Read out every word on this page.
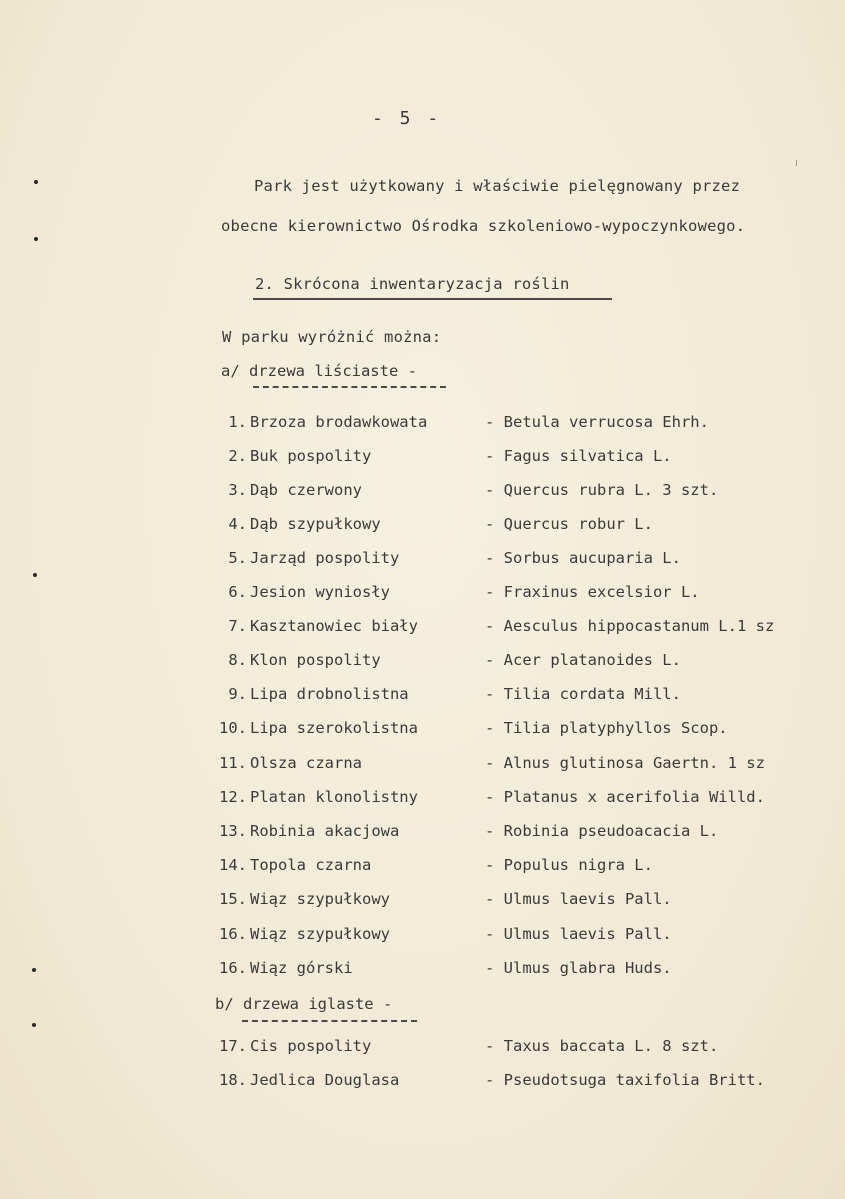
- 5 -
Park jest użytkowany i właściwie pielęgnowany przez
obecne kierownictwo Ośrodka szkoleniowo-wypoczynkowego.
2. Skrócona inwentaryzacja roślin
W parku wyróżnić można:
a/ drzewa liściaste -
1. Brzoza brodawkowata	- Betula verrucosa Ehrh.
2. Buk pospolity	- Fagus silvatica L.
3. Dąb czerwony	- Quercus rubra L. 3 szt.
4. Dąb szypułkowy	- Quercus robur L.
5. Jarząd pospolity	- Sorbus aucuparia L.
6. Jesion wyniosły	- Fraxinus excelsior L.
7. Kasztanowiec biały	- Aesculus hippocastanum L.1 sz
8. Klon pospolity	- Acer platanoides L.
9. Lipa drobnolistna	- Tilia cordata Mill.
10. Lipa szerokolistna	- Tilia platyphyllos Scop.
11. Olsza czarna	- Alnus glutinosa Gaertn. 1 sz
12. Platan klonolistny	- Platanus x acerifolia Willd.
13. Robinia akacjowa	- Robinia pseudoacacia L.
14. Topola czarna	- Populus nigra L.
15. Wiąz szypułkowy	- Ulmus laevis Pall.
16. Wiąz szypułkowy	- Ulmus laevis Pall.
16. Wiąz górski	- Ulmus glabra Huds.
b/ drzewa iglaste -
17. Cis pospolity	- Taxus baccata L. 8 szt.
18. Jedlica Douglasa	- Pseudotsuga taxifolia Britt.
